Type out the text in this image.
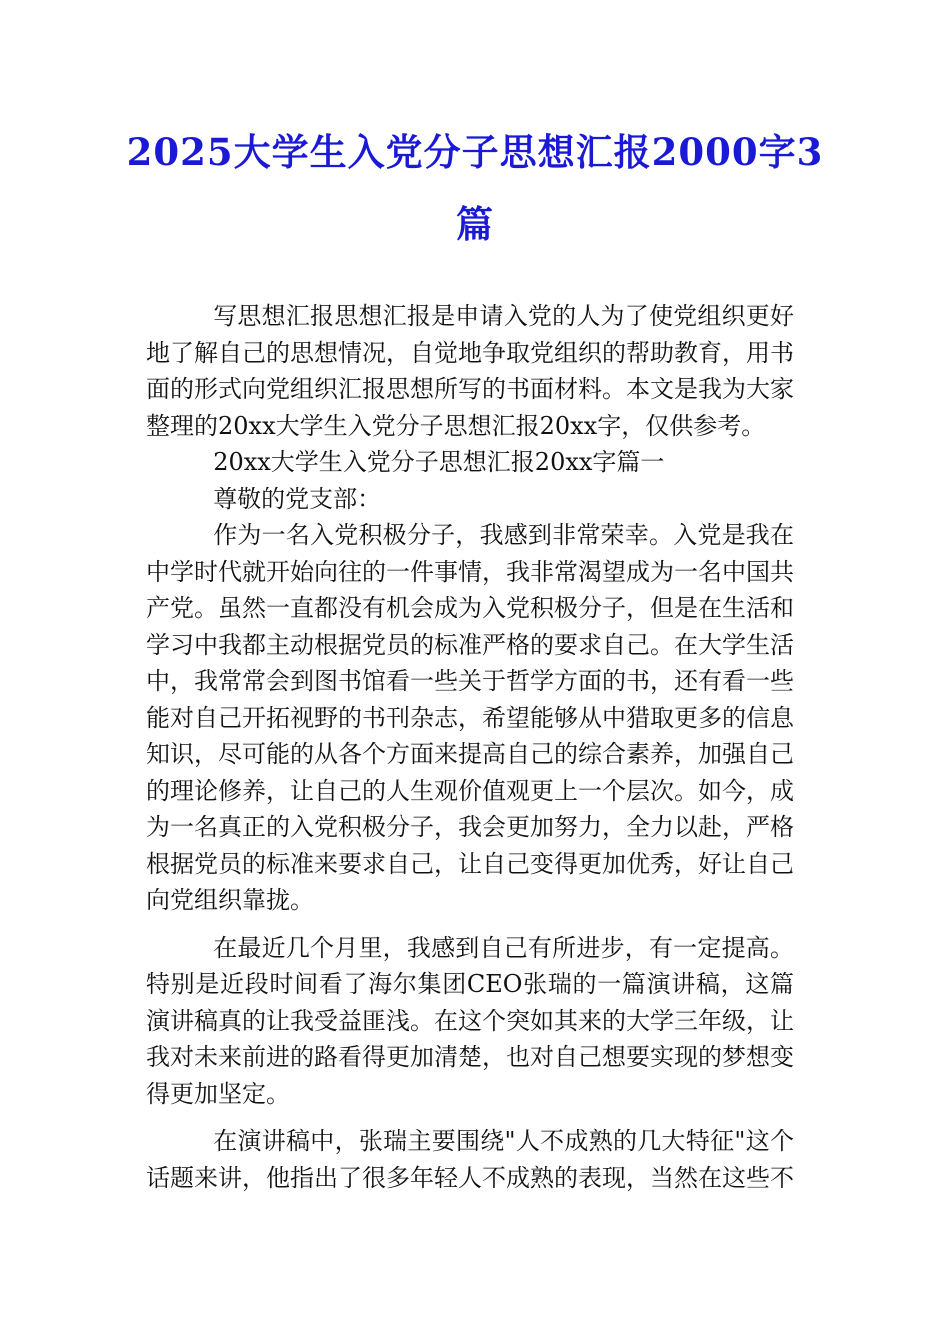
2025大学生入党分子思想汇报2000字3
篇

写思想汇报思想汇报是申请入党的人为了使党组织更好地了解自己的思想情况，自觉地争取党组织的帮助教育，用书面的形式向党组织汇报思想所写的书面材料。本文是我为大家整理的20xx大学生入党分子思想汇报20xx字，仅供参考。

20xx大学生入党分子思想汇报20xx字篇一

尊敬的党支部：

作为一名入党积极分子，我感到非常荣幸。入党是我在中学时代就开始向往的一件事情，我非常渴望成为一名中国共产党。虽然一直都没有机会成为入党积极分子，但是在生活和学习中我都主动根据党员的标准严格的要求自己。在大学生活中，我常常会到图书馆看一些关于哲学方面的书，还有看一些能对自己开拓视野的书刊杂志，希望能够从中猎取更多的信息知识，尽可能的从各个方面来提高自己的综合素养，加强自己的理论修养，让自己的人生观价值观更上一个层次。如今，成为一名真正的入党积极分子，我会更加努力，全力以赴，严格根据党员的标准来要求自己，让自己变得更加优秀，好让自己向党组织靠拢。

在最近几个月里，我感到自己有所进步，有一定提高。特别是近段时间看了海尔集团CEO张瑞的一篇演讲稿，这篇演讲稿真的让我受益匪浅。在这个突如其来的大学三年级，让我对未来前进的路看得更加清楚，也对自己想要实现的梦想变得更加坚定。

在演讲稿中，张瑞主要围绕"人不成熟的几大特征"这个话题来讲，他指出了很多年轻人不成熟的表现，当然在这些不
